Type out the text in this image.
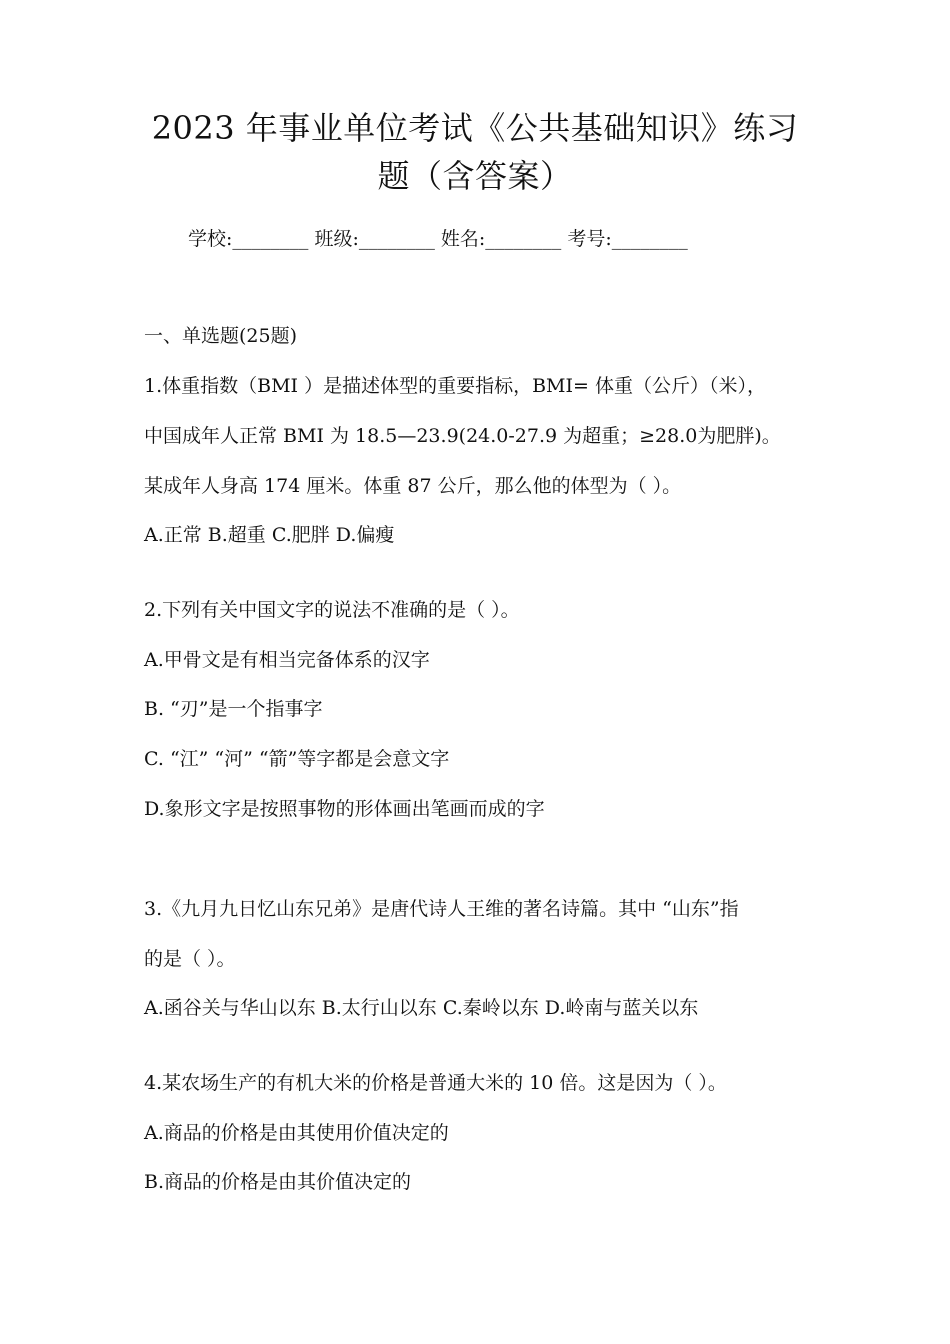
2023 年事业单位考试《公共基础知识》练习
题（含答案）
学校:________ 班级:________ 姓名:________ 考号:________
一、单选题(25题)
1.体重指数（BMI ）是描述体型的重要指标，BMI= 体重（公斤）（米），
中国成年人正常 BMI 为 18.5—23.9(24.0-27.9 为超重；≥28.0为肥胖)。
某成年人身高 174 厘米。体重 87 公斤，那么他的体型为（ ）。
A.正常 B.超重 C.肥胖 D.偏瘦
2.下列有关中国文字的说法不准确的是（ ）。
A.甲骨文是有相当完备体系的汉字
B. “刃”是一个指事字
C. “江” “河” “箭”等字都是会意文字
D.象形文字是按照事物的形体画出笔画而成的字
3.《九月九日忆山东兄弟》是唐代诗人王维的著名诗篇。其中 “山东”指
的是（ ）。
A.函谷关与华山以东 B.太行山以东 C.秦岭以东 D.岭南与蓝关以东
4.某农场生产的有机大米的价格是普通大米的 10 倍。这是因为（ ）。
A.商品的价格是由其使用价值决定的
B.商品的价格是由其价值决定的
